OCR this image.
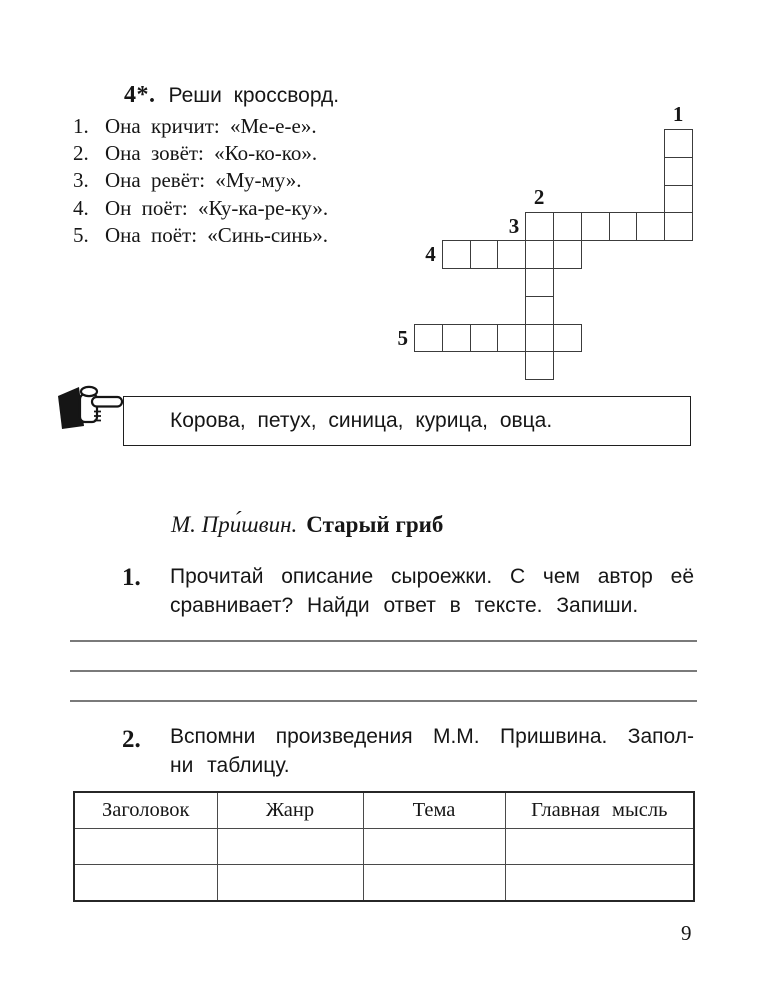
4*. Реши кроссворд.
1. Она кричит: «Ме-е-е».
2. Она зовёт: «Ко-ко-ко».
3. Она ревёт: «Му-му».
4. Он поёт: «Ку-ка-ре-ку».
5. Она поёт: «Синь-синь».
1
2
3
4
5
Корова, петух, синица, курица, овца.
М. При́швин. Старый гриб
1. Прочитай описание сыроежки. С чем автор её
сравнивает? Найди ответ в тексте. Запиши.
2. Вспомни произведения М.М. Пришвина. Запол-
ни таблицу.
Заголовок	Жанр	Тема	Главная мысль

9
